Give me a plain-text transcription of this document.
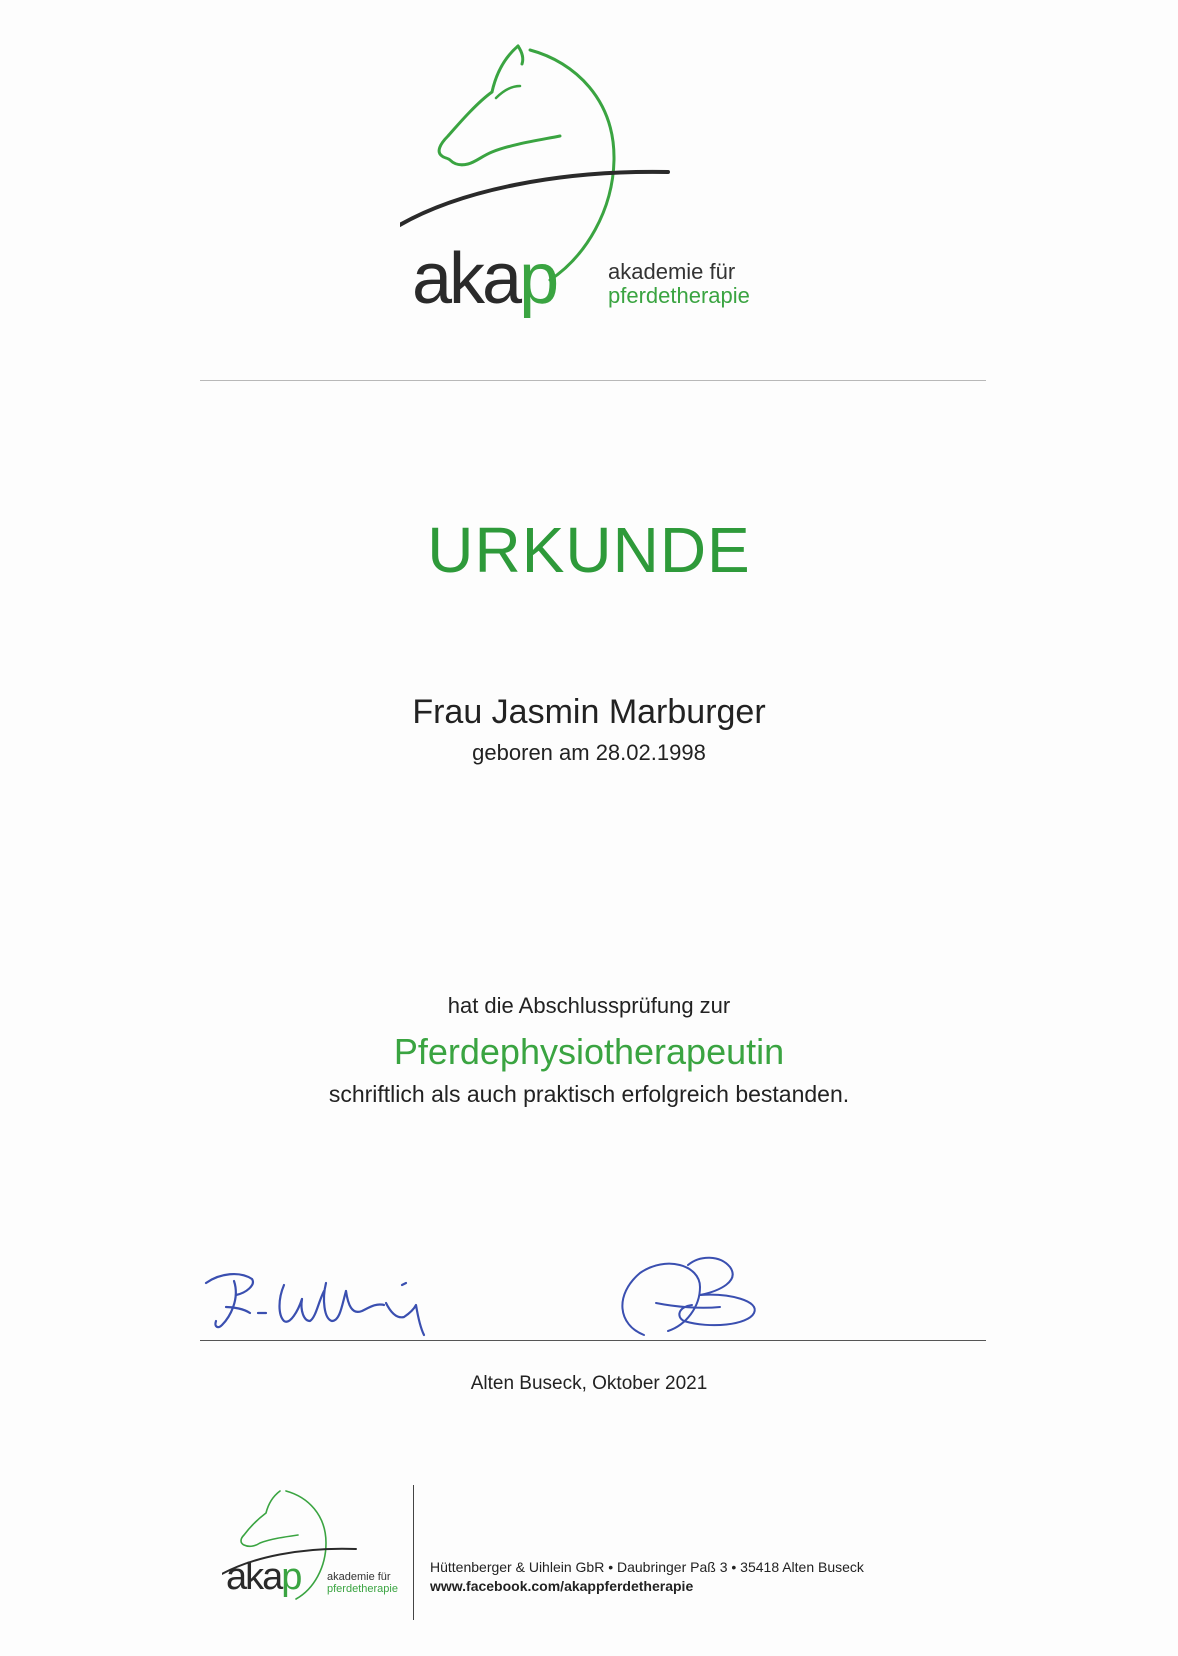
akap akademie für
pferdetherapie
URKUNDE
Frau Jasmin Marburger
geboren am 28.02.1998
hat die Abschlussprüfung zur
Pferdephysiotherapeutin
schriftlich als auch praktisch erfolgreich bestanden.
Alten Buseck, Oktober 2021
akap akademie für
pferdetherapie
Hüttenberger & Uihlein GbR • Daubringer Paß 3 • 35418 Alten Buseck
www.facebook.com/akappferdetherapie
